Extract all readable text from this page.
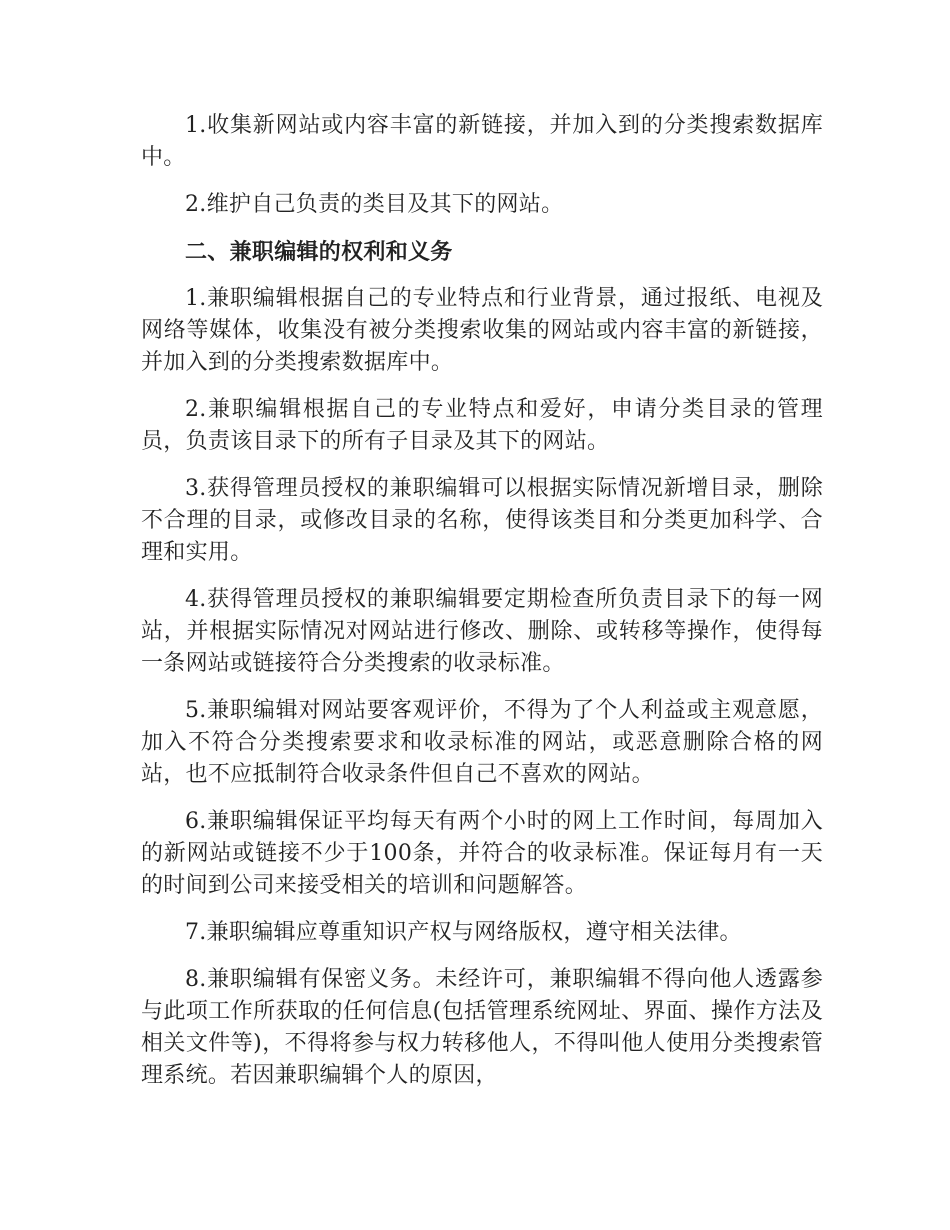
1.收集新网站或内容丰富的新链接，并加入到的分类搜索数据库中。

2.维护自己负责的类目及其下的网站。

二、兼职编辑的权利和义务

1.兼职编辑根据自己的专业特点和行业背景，通过报纸、电视及网络等媒体，收集没有被分类搜索收集的网站或内容丰富的新链接，并加入到的分类搜索数据库中。

2.兼职编辑根据自己的专业特点和爱好，申请分类目录的管理员，负责该目录下的所有子目录及其下的网站。

3.获得管理员授权的兼职编辑可以根据实际情况新增目录，删除不合理的目录，或修改目录的名称，使得该类目和分类更加科学、合理和实用。

4.获得管理员授权的兼职编辑要定期检查所负责目录下的每一网站，并根据实际情况对网站进行修改、删除、或转移等操作，使得每一条网站或链接符合分类搜索的收录标准。

5.兼职编辑对网站要客观评价，不得为了个人利益或主观意愿，加入不符合分类搜索要求和收录标准的网站，或恶意删除合格的网站，也不应抵制符合收录条件但自己不喜欢的网站。

6.兼职编辑保证平均每天有两个小时的网上工作时间，每周加入的新网站或链接不少于100条，并符合的收录标准。保证每月有一天的时间到公司来接受相关的培训和问题解答。

7.兼职编辑应尊重知识产权与网络版权，遵守相关法律。

8.兼职编辑有保密义务。未经许可，兼职编辑不得向他人透露参与此项工作所获取的任何信息(包括管理系统网址、界面、操作方法及相关文件等)，不得将参与权力转移他人，不得叫他人使用分类搜索管理系统。若因兼职编辑个人的原因，
